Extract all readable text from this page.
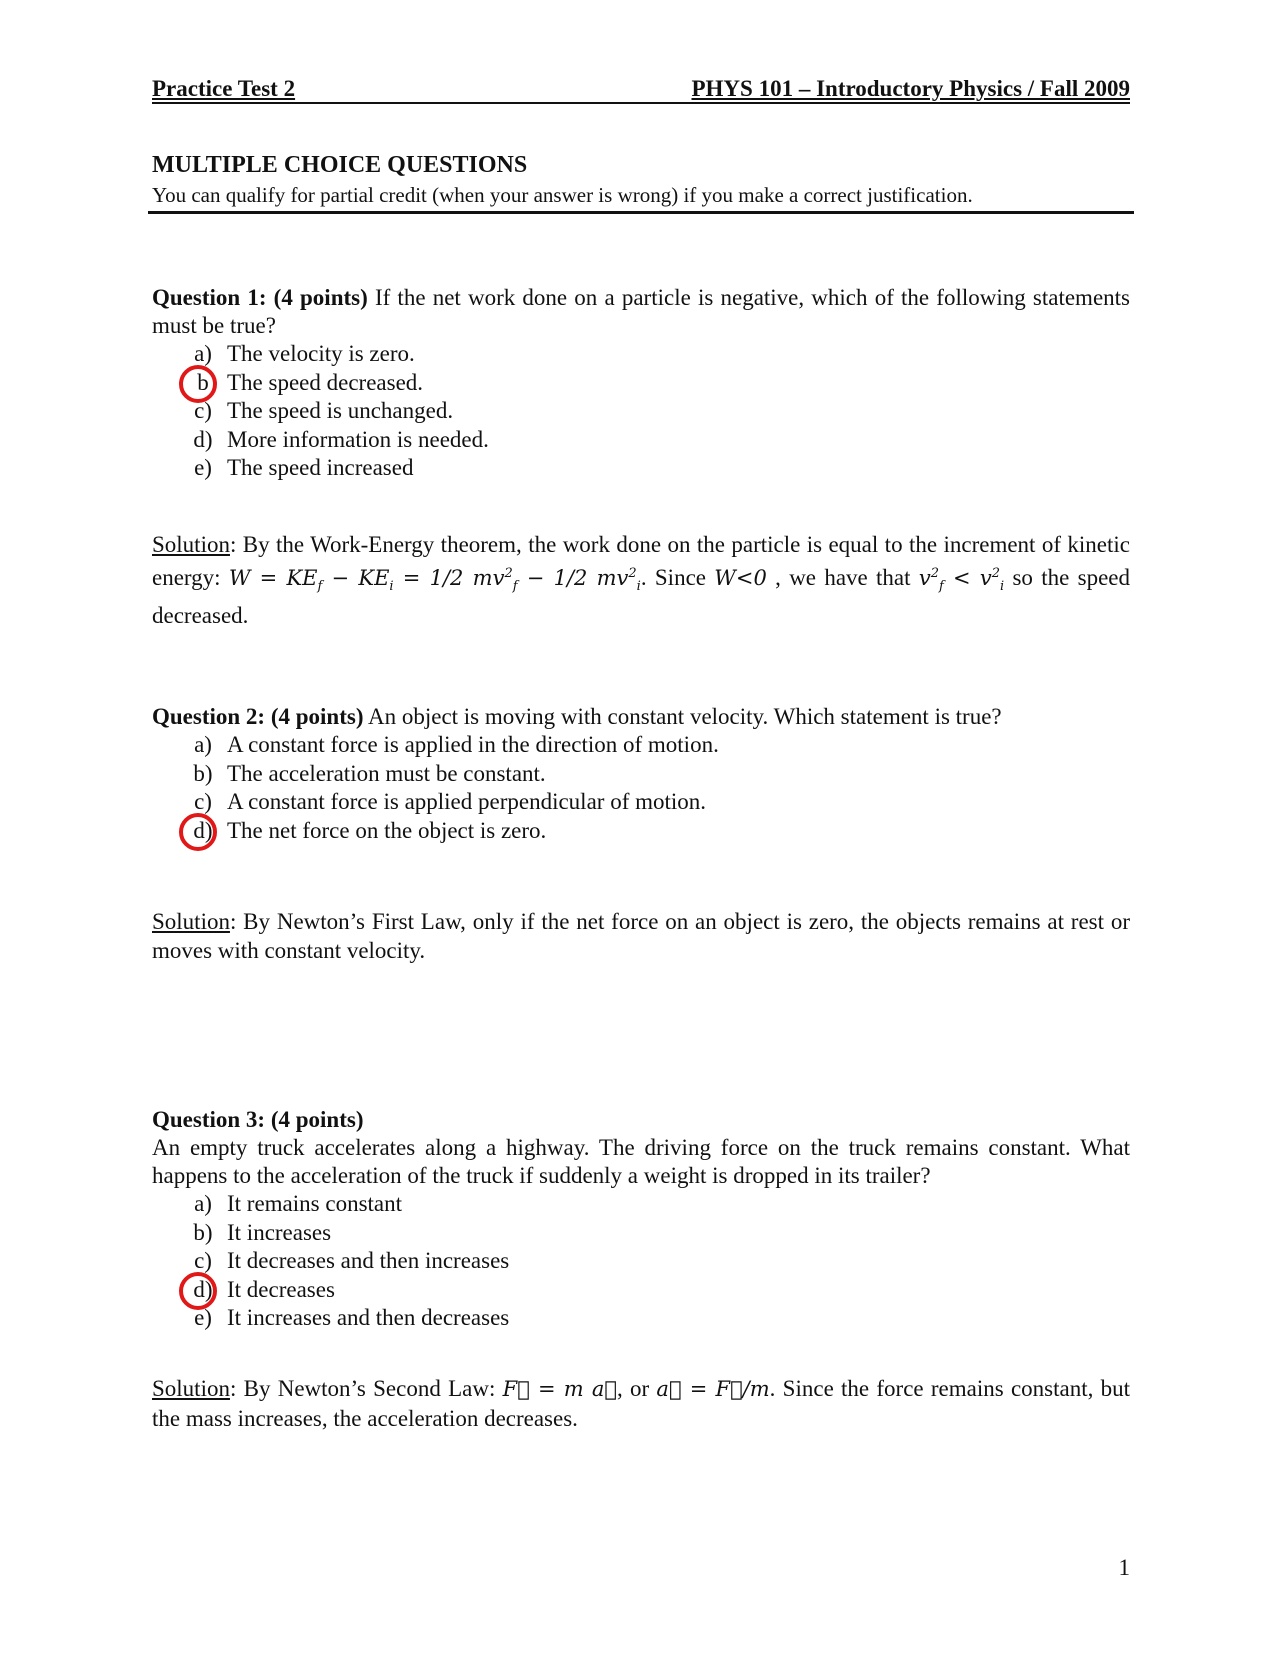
Practice Test 2	PHYS 101 – Introductory Physics / Fall 2009
MULTIPLE CHOICE QUESTIONS
You can qualify for partial credit (when your answer is wrong) if you make a correct justification.
Question 1: (4 points) If the net work done on a particle is negative, which of the following statements must be true?
a) The velocity is zero.
b The speed decreased.
c) The speed is unchanged.
d) More information is needed.
e) The speed increased
Solution: By the Work-Energy theorem, the work done on the particle is equal to the increment of kinetic energy: $W = KE_f - KE_i = 1/2$ $mv^2_f - 1/2$ $mv^2_i$. Since W<0 , we have that $v^2_f < v^2_i$ so the speed decreased.
Question 2: (4 points) An object is moving with constant velocity. Which statement is true?
a) A constant force is applied in the direction of motion.
b) The acceleration must be constant.
c) A constant force is applied perpendicular of motion.
d) The net force on the object is zero.
Solution: By Newton’s First Law, only if the net force on an object is zero, the objects remains at rest or moves with constant velocity.
Question 3: (4 points)
An empty truck accelerates along a highway. The driving force on the truck remains constant. What happens to the acceleration of the truck if suddenly a weight is dropped in its trailer?
a) It remains constant
b) It increases
c) It decreases and then increases
d) It decreases
e) It increases and then decreases
Solution: By Newton’s Second Law: F⃗ = m a⃗, or a⃗ = F⃗/m. Since the force remains constant, but the mass increases, the acceleration decreases.
1
